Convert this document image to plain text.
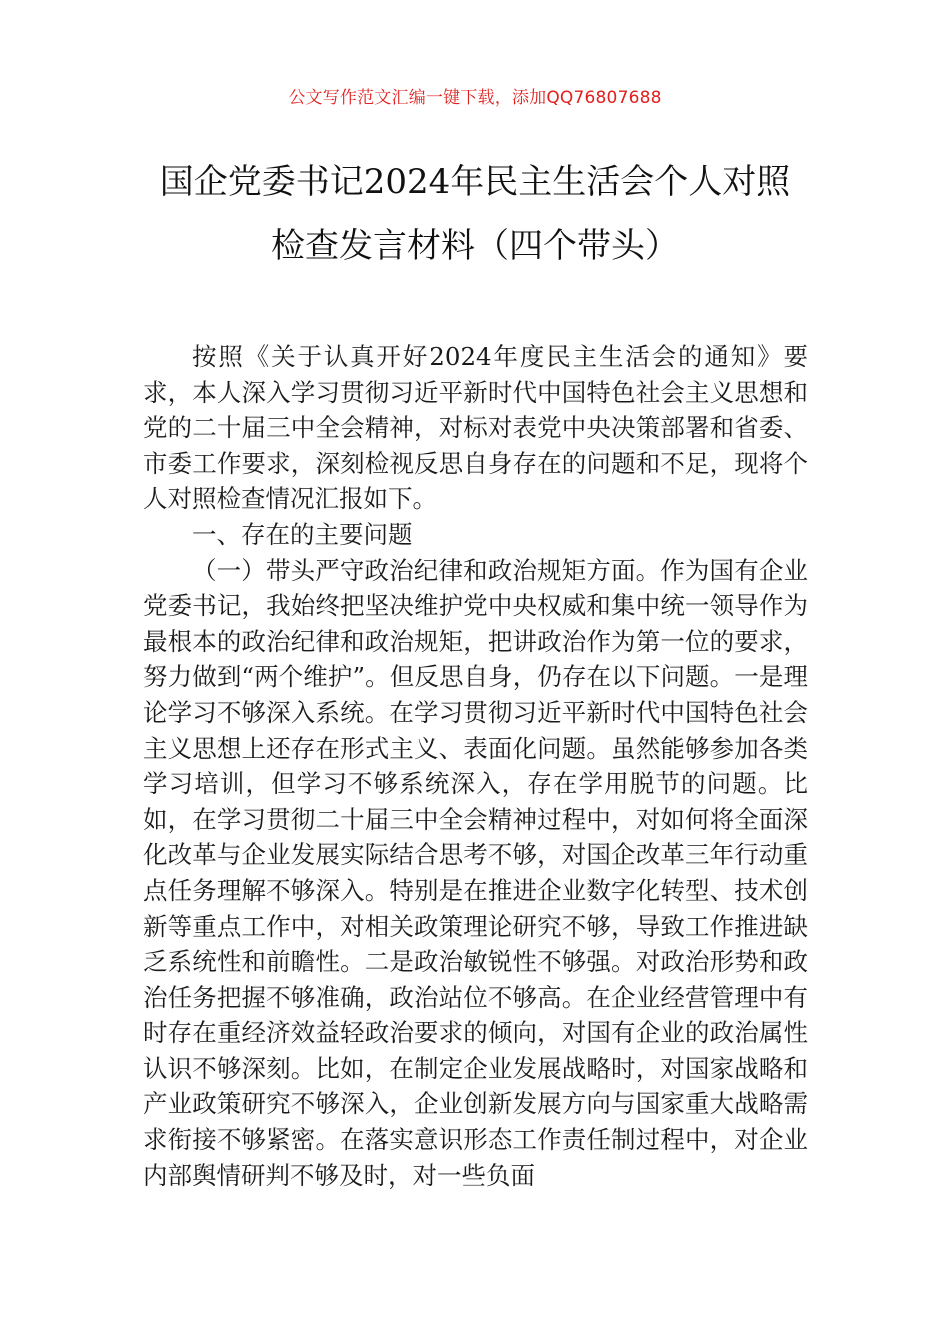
公文写作范文汇编一键下载，添加QQ76807688
国企党委书记2024年民主生活会个人对照
检查发言材料（四个带头）

按照《关于认真开好2024年度民主生活会的通知》要求，本人深入学习贯彻习近平新时代中国特色社会主义思想和党的二十届三中全会精神，对标对表党中央决策部署和省委、市委工作要求，深刻检视反思自身存在的问题和不足，现将个人对照检查情况汇报如下。

一、存在的主要问题

（一）带头严守政治纪律和政治规矩方面。作为国有企业党委书记，我始终把坚决维护党中央权威和集中统一领导作为最根本的政治纪律和政治规矩，把讲政治作为第一位的要求，努力做到“两个维护”。但反思自身，仍存在以下问题。一是理论学习不够深入系统。在学习贯彻习近平新时代中国特色社会主义思想上还存在形式主义、表面化问题。虽然能够参加各类学习培训，但学习不够系统深入，存在学用脱节的问题。比如，在学习贯彻二十届三中全会精神过程中，对如何将全面深化改革与企业发展实际结合思考不够，对国企改革三年行动重点任务理解不够深入。特别是在推进企业数字化转型、技术创新等重点工作中，对相关政策理论研究不够，导致工作推进缺乏系统性和前瞻性。二是政治敏锐性不够强。对政治形势和政治任务把握不够准确，政治站位不够高。在企业经营管理中有时存在重经济效益轻政治要求的倾向，对国有企业的政治属性认识不够深刻。比如，在制定企业发展战略时，对国家战略和产业政策研究不够深入，企业创新发展方向与国家重大战略需求衔接不够紧密。在落实意识形态工作责任制过程中，对企业内部舆情研判不够及时，对一些负面
